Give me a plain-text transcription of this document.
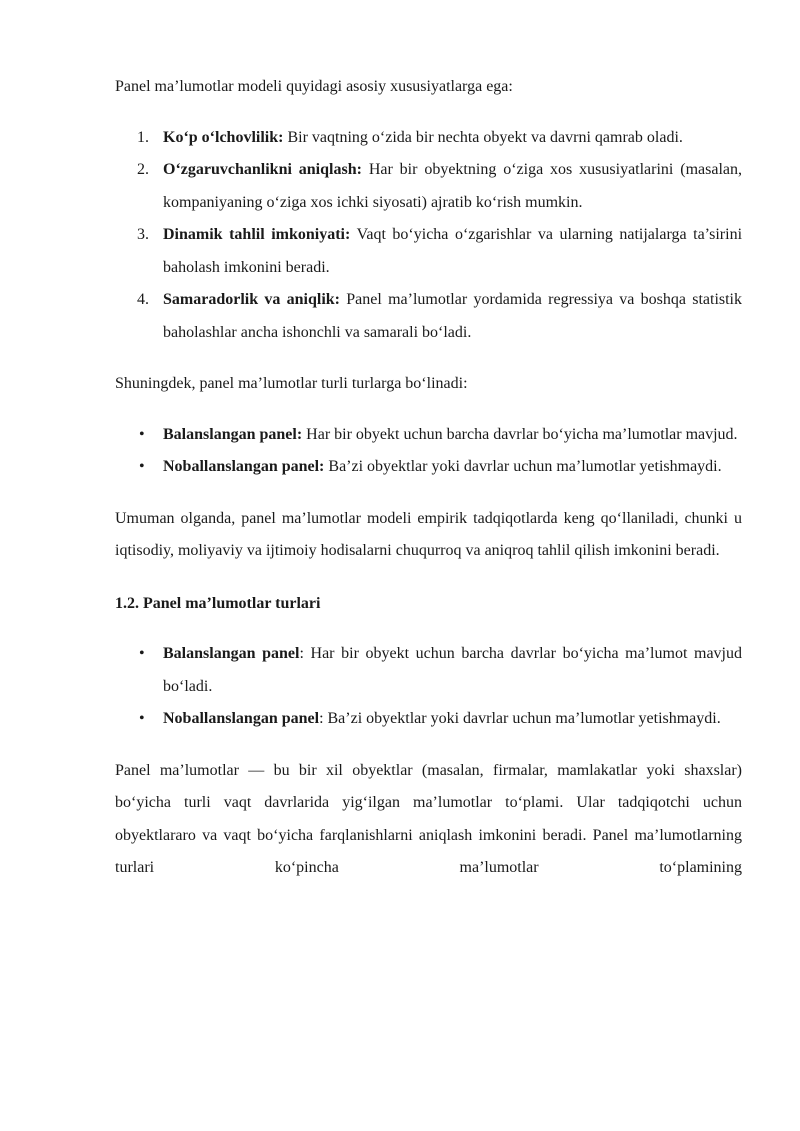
Panel ma’lumotlar modeli quyidagi asosiy xususiyatlarga ega:

1. Ko‘p o‘lchovlilik: Bir vaqtning o‘zida bir nechta obyekt va davrni qamrab oladi.
2. O‘zgaruvchanlikni aniqlash: Har bir obyektning o‘ziga xos xususiyatlarini (masalan, kompaniyaning o‘ziga xos ichki siyosati) ajratib ko‘rish mumkin.
3. Dinamik tahlil imkoniyati: Vaqt bo‘yicha o‘zgarishlar va ularning natijalarga ta’sirini baholash imkonini beradi.
4. Samaradorlik va aniqlik: Panel ma’lumotlar yordamida regressiya va boshqa statistik baholashlar ancha ishonchli va samarali bo‘ladi.

Shuningdek, panel ma’lumotlar turli turlarga bo‘linadi:

• Balanslangan panel: Har bir obyekt uchun barcha davrlar bo‘yicha ma’lumotlar mavjud.
• Noballanslangan panel: Ba’zi obyektlar yoki davrlar uchun ma’lumotlar yetishmaydi.

Umuman olganda, panel ma’lumotlar modeli empirik tadqiqotlarda keng qo‘llaniladi, chunki u iqtisodiy, moliyaviy va ijtimoiy hodisalarni chuqurroq va aniqroq tahlil qilish imkonini beradi.

1.2. Panel ma’lumotlar turlari
• Balanslangan panel: Har bir obyekt uchun barcha davrlar bo‘yicha ma’lumot mavjud bo‘ladi.
• Noballanslangan panel: Ba’zi obyektlar yoki davrlar uchun ma’lumotlar yetishmaydi.

Panel ma’lumotlar — bu bir xil obyektlar (masalan, firmalar, mamlakatlar yoki shaxslar) bo‘yicha turli vaqt davrlarida yig‘ilgan ma’lumotlar to‘plami. Ular tadqiqotchi uchun obyektlararo va vaqt bo‘yicha farqlanishlarni aniqlash imkonini beradi. Panel ma’lumotlarning turlari ko‘pincha ma’lumotlar to‘plamining
